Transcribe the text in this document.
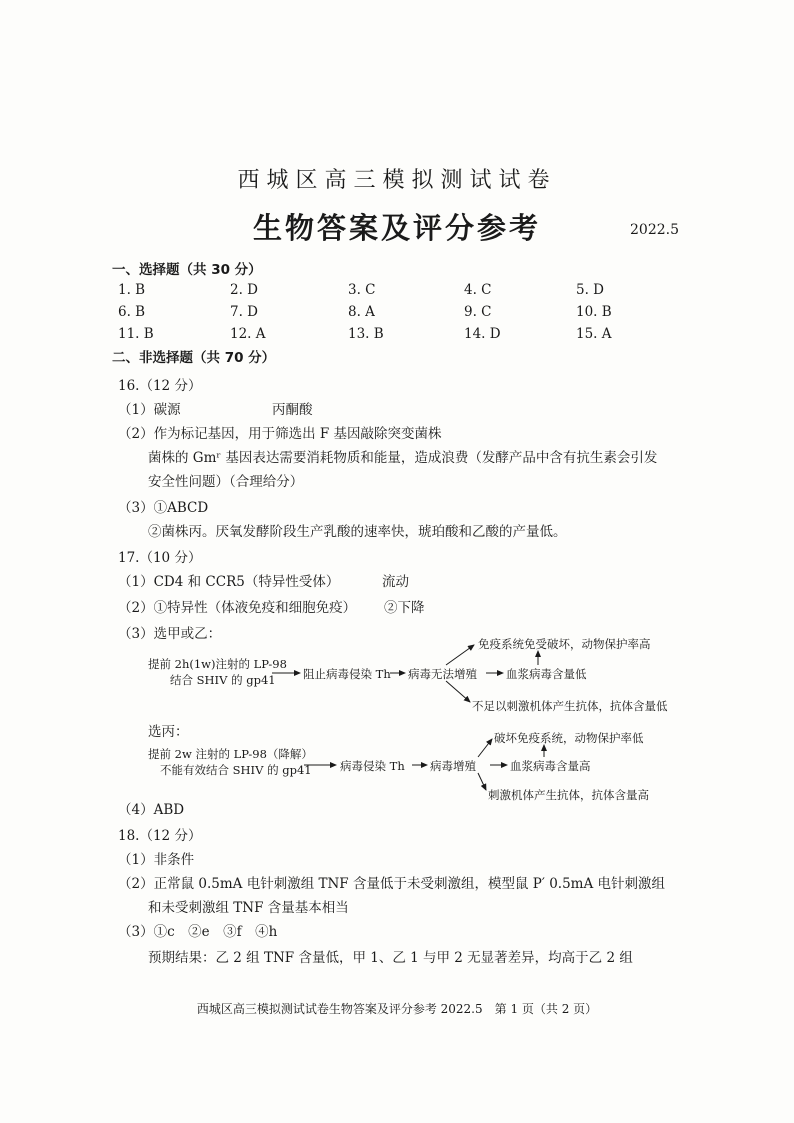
西城区高三模拟测试试卷
生物答案及评分参考	2022.5
一、选择题（共 30 分）
1. B	2. D	3. C	4. C	5. D
6. B	7. D	8. A	9. C	10. B
11. B	12. A	13. B	14. D	15. A
二、非选择题（共 70 分）
16.（12 分）
（1）碳源	丙酮酸
（2）作为标记基因，用于筛选出 F 基因敲除突变菌株
菌株的 Gmʳ 基因表达需要消耗物质和能量，造成浪费（发酵产品中含有抗生素会引发
安全性问题）（合理给分）
（3）①ABCD
②菌株丙。厌氧发酵阶段生产乳酸的速率快，琥珀酸和乙酸的产量低。
17.（10 分）
（1）CD4 和 CCR5（特异性受体）	流动
（2）①特异性（体液免疫和细胞免疫） ②下降
（3）选甲或乙：
提前 2h(1w)注射的 LP-98
结合 SHIV 的 gp41 阻止病毒侵染 Th 病毒无法增殖
免疫系统免受破坏，动物保护率高
血浆病毒含量低
不足以刺激机体产生抗体，抗体含量低
选丙：
提前 2w 注射的 LP-98（降解）
不能有效结合 SHIV 的 gp41 病毒侵染 Th 病毒增殖
破坏免疫系统，动物保护率低
血浆病毒含量高
刺激机体产生抗体，抗体含量高
（4）ABD
18.（12 分）
（1）非条件
（2）正常鼠 0.5mA 电针刺激组 TNF 含量低于未受刺激组，模型鼠 P′ 0.5mA 电针刺激组
和未受刺激组 TNF 含量基本相当
（3）①c　②e　③f　④h
预期结果：乙 2 组 TNF 含量低，甲 1、乙 1 与甲 2 无显著差异，均高于乙 2 组
西城区高三模拟测试试卷生物答案及评分参考 2022.5　第 1 页（共 2 页）
